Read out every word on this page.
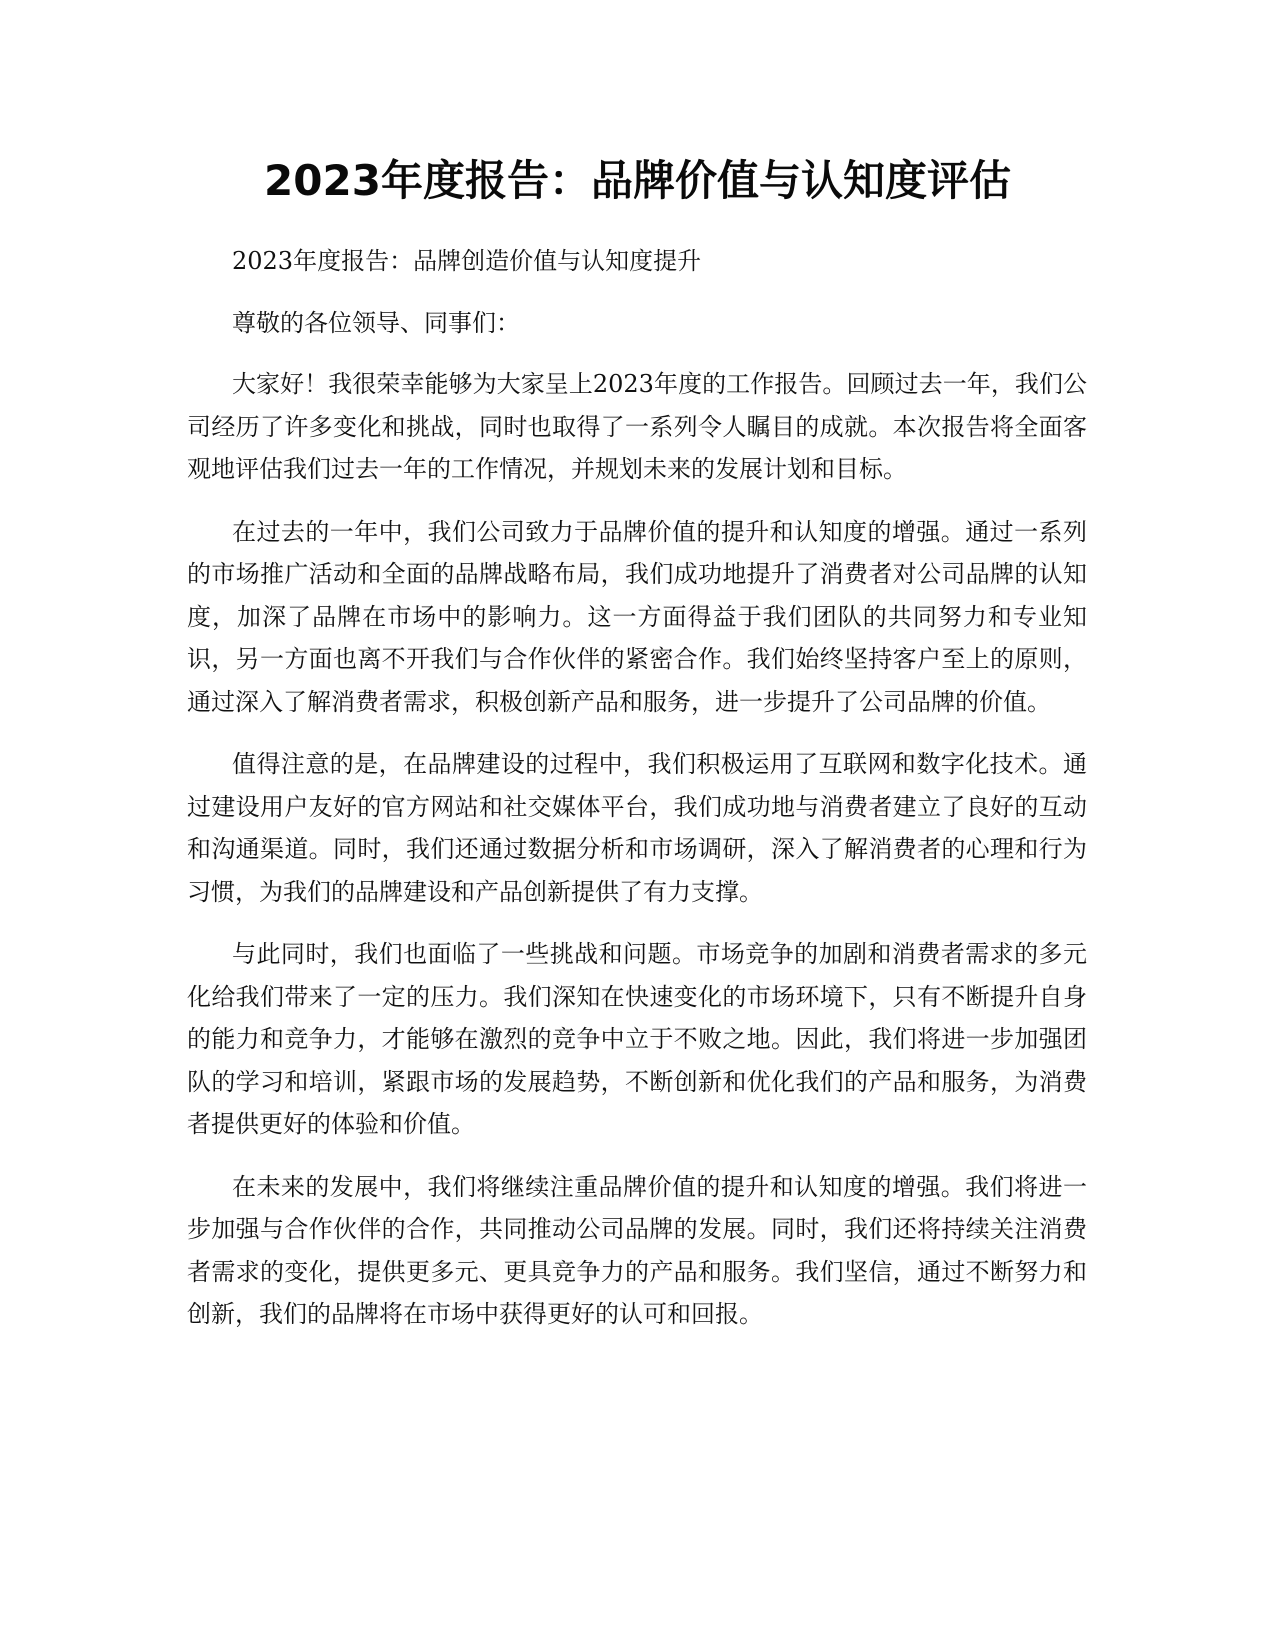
2023年度报告：品牌价值与认知度评估

2023年度报告：品牌创造价值与认知度提升

尊敬的各位领导、同事们：

大家好！我很荣幸能够为大家呈上2023年度的工作报告。回顾过去一年，我们公司经历了许多变化和挑战，同时也取得了一系列令人瞩目的成就。本次报告将全面客观地评估我们过去一年的工作情况，并规划未来的发展计划和目标。

在过去的一年中，我们公司致力于品牌价值的提升和认知度的增强。通过一系列的市场推广活动和全面的品牌战略布局，我们成功地提升了消费者对公司品牌的认知度，加深了品牌在市场中的影响力。这一方面得益于我们团队的共同努力和专业知识，另一方面也离不开我们与合作伙伴的紧密合作。我们始终坚持客户至上的原则，通过深入了解消费者需求，积极创新产品和服务，进一步提升了公司品牌的价值。

值得注意的是，在品牌建设的过程中，我们积极运用了互联网和数字化技术。通过建设用户友好的官方网站和社交媒体平台，我们成功地与消费者建立了良好的互动和沟通渠道。同时，我们还通过数据分析和市场调研，深入了解消费者的心理和行为习惯，为我们的品牌建设和产品创新提供了有力支撑。

与此同时，我们也面临了一些挑战和问题。市场竞争的加剧和消费者需求的多元化给我们带来了一定的压力。我们深知在快速变化的市场环境下，只有不断提升自身的能力和竞争力，才能够在激烈的竞争中立于不败之地。因此，我们将进一步加强团队的学习和培训，紧跟市场的发展趋势，不断创新和优化我们的产品和服务，为消费者提供更好的体验和价值。

在未来的发展中，我们将继续注重品牌价值的提升和认知度的增强。我们将进一步加强与合作伙伴的合作，共同推动公司品牌的发展。同时，我们还将持续关注消费者需求的变化，提供更多元、更具竞争力的产品和服务。我们坚信，通过不断努力和创新，我们的品牌将在市场中获得更好的认可和回报。
